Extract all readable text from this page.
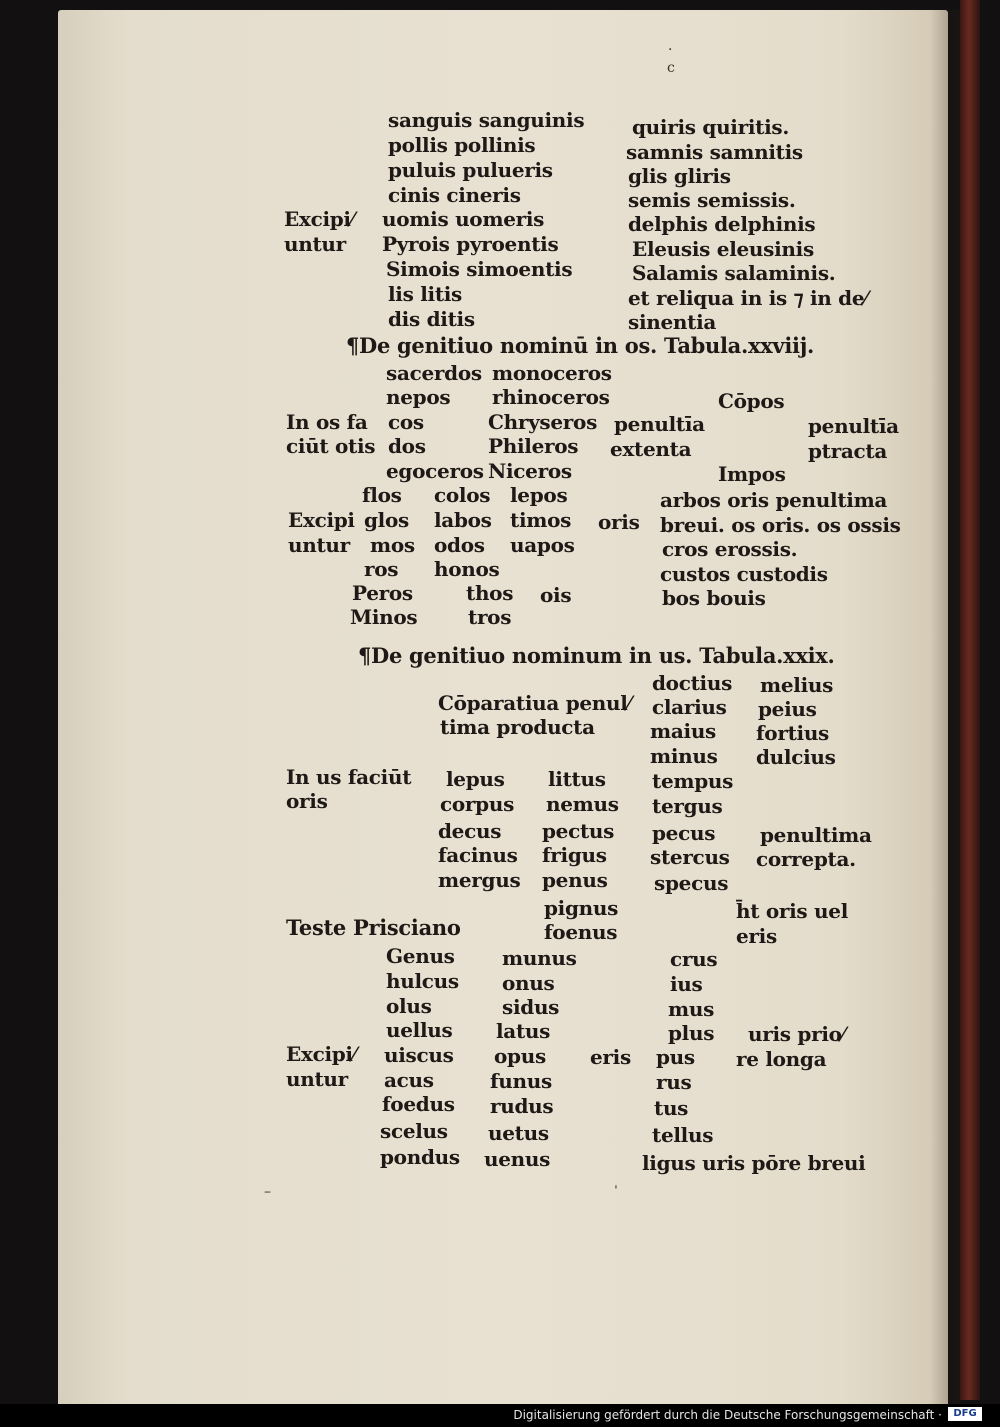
·
c
sanguis sanguinis
pollis pollinis
puluis pulueris
cinis cineris
uomis uomeris
Pyrois pyroentis
Simois simoentis
lis litis
dis ditis
Excipi⁄
untur
quiris quiritis.
samnis samnitis
glis gliris
semis semissis.
delphis delphinis
Eleusis eleusinis
Salamis salaminis.
et reliqua in is ⁊ in de⁄
sinentia
¶De genitiuo nominū in os. Tabula.xxviij.
sacerdos
nepos
cos
dos
egoceros
monoceros
rhinoceros
Chryseros
Phileros
Niceros
In os fa
ciūt otis
penultīa
extenta
Cōpos
Impos
penultīa
ptracta
Excipi
untur
flos
glos
mos
ros
colos
labos
odos
honos
lepos
timos
uapos
oris
Peros
Minos
thos
tros
ois
arbos oris penultima
breui. os oris. os ossis
cros erossis.
custos custodis
bos bouis
¶De genitiuo nominum in us. Tabula.xxix.
Cōparatiua penul⁄
tima producta
doctius
clarius
maius
minus
melius
peius
fortius
dulcius
In us faciūt
oris
lepus
corpus
decus
facinus
mergus
littus
nemus
pectus
frigus
penus
pignus
foenus
tempus
tergus
pecus
stercus
specus
penultima
correpta.
h̄t oris uel
eris
Teste Prisciano
Genus
hulcus
olus
uellus
uiscus
acus
foedus
scelus
pondus
munus
onus
sidus
latus
opus
funus
rudus
uetus
uenus
eris
Excipi⁄
untur
crus
ius
mus
plus
pus
rus
tus
tellus
uris prio⁄
re longa
ligus uris pōre breui
–	ˈ
Digitalisierung gefördert durch die Deutsche Forschungsgemeinschaft ·	DFG
